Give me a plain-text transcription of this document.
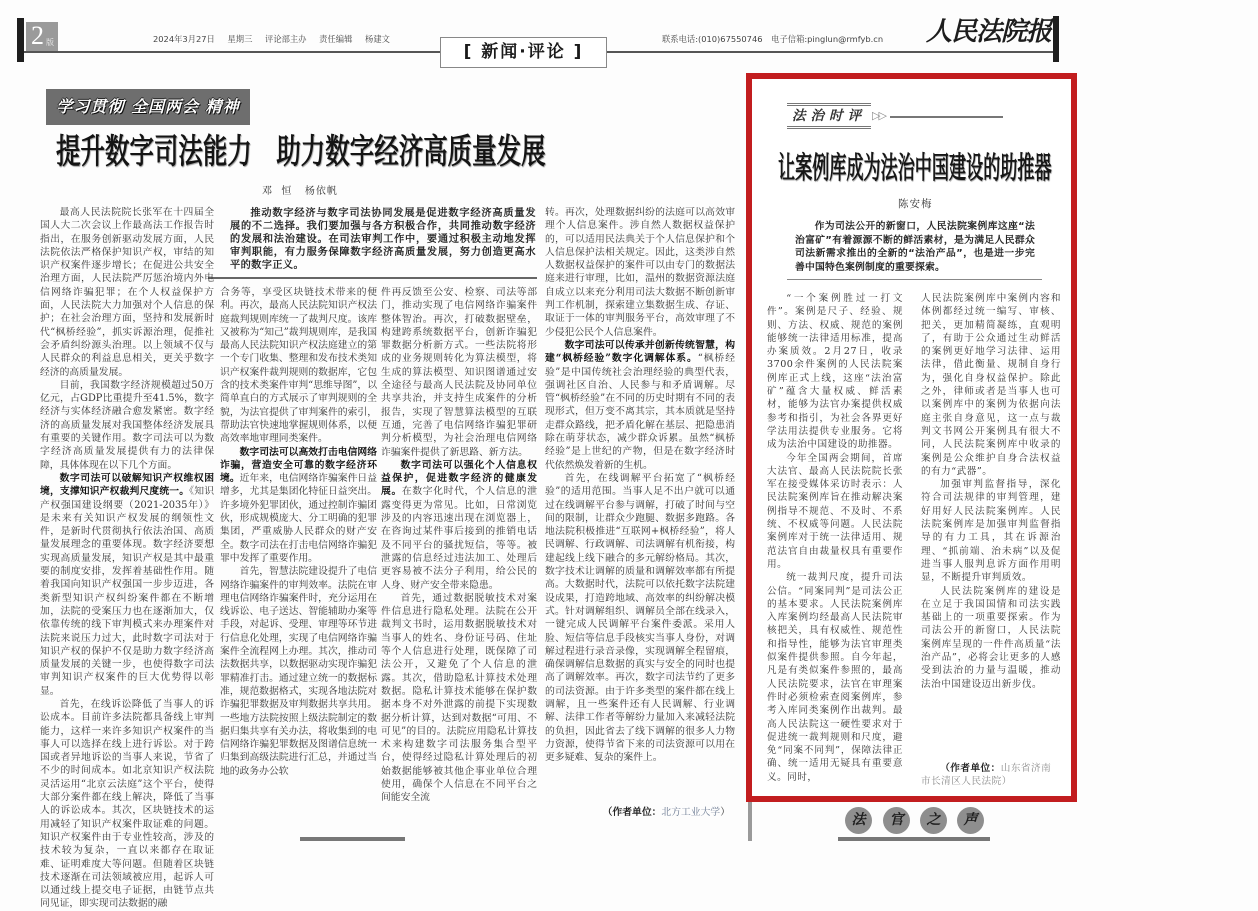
2 版	2024年3月27日 星期三 评论部主办 责任编辑 杨建文
[ 新闻·评论 ]
联系电话:(010)67550746 电子信箱:pinglun@rmfyb.cn 人民法院报
学习贯彻 全国两会 精神
提升数字司法能力　助力数字经济高质量发展
邓  恒   杨依帆
推动数字经济与数字司法协同发展是促进数字经济高质量发展的不二选择。我们要加强与各方积极合作，共同推动数字经济的发展和法治建设。在司法审判工作中，要通过积极主动地发挥审判职能，有力服务保障数字经济高质量发展，努力创造更高水平的数字正义。

最高人民法院院长张军在十四届全国人大二次会议上作最高法工作报告时指出，在服务创新驱动发展方面，人民法院依法严格保护知识产权，审结的知识产权案件逐步增长；在促进公共安全治理方面，人民法院严厉惩治境内外电信网络诈骗犯罪；在个人权益保护方面，人民法院大力加强对个人信息的保护；在社会治理方面，坚持和发展新时代“枫桥经验”，抓实诉源治理，促推社会矛盾纠纷源头治理。以上领域不仅与人民群众的利益息息相关，更关乎数字经济的高质量发展。

目前，我国数字经济规模超过50万亿元，占GDP比重提升至41.5%，数字经济与实体经济融合愈发紧密。数字经济的高质量发展对我国整体经济发展具有重要的关键作用。数字司法可以为数字经济高质量发展提供有力的法律保障，具体体现在以下几个方面。

数字司法可以破解知识产权维权困境，支撑知识产权裁判尺度统一。《知识产权强国建设纲要（2021-2035年）》是未来有关知识产权发展的纲领性文件，是新时代贯彻执行依法治国、高质量发展理念的重要体现。数字经济要想实现高质量发展，知识产权是其中最重要的制度安排，发挥着基础性作用。随着我国向知识产权强国一步步迈进，各类新型知识产权纠纷案件都在不断增加，法院的受案压力也在逐渐加大，仅依靠传统的线下审判模式来办理案件对法院来说压力过大，此时数字司法对于知识产权的保护不仅是助力数字经济高质量发展的关键一步，也使得数字司法审判知识产权案件的巨大优势得以彰显。

首先，在线诉讼降低了当事人的诉讼成本。目前许多法院都具备线上审判能力，这样一来许多知识产权案件的当事人可以选择在线上进行诉讼。对于跨国或者异地诉讼的当事人来说，节省了不少的时间成本。如北京知识产权法院灵活运用“北京云法庭”这个平台，使得大部分案件都在线上解决，降低了当事人的诉讼成本。其次，区块链技术的运用减轻了知识产权案件取证难的问题。知识产权案件由于专业性较高，涉及的技术较为复杂，一直以来都存在取证难、证明难度大等问题。但随着区块链技术逐渐在司法领域被应用，起诉人可以通过线上提交电子证据，由链节点共同见证，即实现司法数据的融

合务等，享受区块链技术带来的便利。再次，最高人民法院知识产权法庭裁判规则库统一了裁判尺度。该库又被称为“知己”裁判规则库，是我国最高人民法院知识产权法庭建立的第一个专门收集、整理和发布技术类知识产权案件裁判规则的数据库，它包含的技术类案件审判“思维导图”，以简单直白的方式展示了审判规则的全貌，为法官提供了审判案件的索引，帮助法官快速地掌握规则体系，以便高效率地审理同类案件。

数字司法可以高效打击电信网络诈骗，营造安全可靠的数字经济环境。近年来，电信网络诈骗案件日益增多，尤其是集团化特征日益突出。许多境外犯罪团伙，通过控制诈骗团伙，形成规模庞大、分工明确的犯罪集团，严重威胁人民群众的财产安全。数字司法在打击电信网络诈骗犯罪中发挥了重要作用。

首先，智慧法院建设提升了电信网络诈骗案件的审判效率。法院在审理电信网络诈骗案件时，充分运用在线诉讼、电子送达、智能辅助办案等手段，对起诉、受理、审理等环节进行信息化处理，实现了电信网络诈骗案件全流程网上办理。其次，推动司法数据共享，以数据驱动实现诈骗犯罪精准打击。通过建立统一的数据标准，规范数据格式，实现各地法院对诈骗犯罪数据及审判数据共享共用。一些地方法院按照上级法院制定的数据归集共享有关办法，将收集到的电信网络诈骗犯罪数据及图谱信息统一归集到高级法院进行汇总，并通过当地的政务办公软

件再反馈至公安、检察、司法等部门，推动实现了电信网络诈骗案件整体智治。再次，打破数据壁垒，构建跨系统数据平台，创新诈骗犯罪数据分析新方式。一些法院将形成的业务规则转化为算法模型，将生成的算法模型、知识图谱通过安全途径与最高人民法院及协同单位共享共治，并支持生成案件的分析报告，实现了智慧算法模型的互联互通，完善了电信网络诈骗犯罪研判分析模型，为社会治理电信网络诈骗案件提供了新思路、新方法。

数字司法可以强化个人信息权益保护，促进数字经济的健康发展。在数字化时代，个人信息的泄露变得更为常见。比如，日常浏览涉及的内容迅速出现在浏览器上，在咨询过某件事后接到的推销电话及不同平台的骚扰短信，等等。被泄露的信息经过违法加工、处理后更容易被不法分子利用，给公民的人身、财产安全带来隐患。

首先，通过数据脱敏技术对案件信息进行隐私处理。法院在公开裁判文书时，运用数据脱敏技术对当事人的姓名、身份证号码、住址等个人信息进行处理，既保障了司法公开，又避免了个人信息的泄露。其次，借助隐私计算技术处理数据。隐私计算技术能够在保护数据本身不对外泄露的前提下实现数据分析计算，达到对数据“可用、不可见”的目的。法院应用隐私计算技术来构建数字司法服务集合型平台，使得经过隐私计算处理后的初始数据能够被其他企事业单位合理使用，确保个人信息在不同平台之间能安全流

转。再次，处理数据纠纷的法庭可以高效审理个人信息案件。涉自然人数据权益保护的，可以适用民法典关于个人信息保护和个人信息保护法相关规定。因此，这类涉自然人数据权益保护的案件可以由专门的数据法庭来进行审理，比如，温州的数据资源法庭自成立以来充分利用司法大数据不断创新审判工作机制，探索建立集数据生成、存证、取证于一体的审判服务平台，高效审理了不少侵犯公民个人信息案件。

数字司法可以传承并创新传统智慧，构建“枫桥经验”数字化调解体系。“枫桥经验”是中国传统社会治理经验的典型代表，强调社区自治、人民参与和矛盾调解。尽管“枫桥经验”在不同的历史时期有不同的表现形式，但万变不离其宗，其本质就是坚持走群众路线，把矛盾化解在基层、把隐患消除在萌芽状态，减少群众诉累。虽然“枫桥经验”是上世纪的产物，但是在数字经济时代依然焕发着新的生机。

首先，在线调解平台拓宽了“枫桥经验”的适用范围。当事人足不出户就可以通过在线调解平台参与调解，打破了时间与空间的限制，让群众少跑腿、数据多跑路。各地法院积极推进“互联网+枫桥经验”，将人民调解、行政调解、司法调解有机衔接，构建起线上线下融合的多元解纷格局。其次，数字技术让调解的质量和调解效率都有所提高。大数据时代，法院可以依托数字法院建设成果，打造跨地域、高效率的纠纷解决模式。针对调解组织、调解员全部在线录入，一键完成人民调解平台案件委派。采用人脸、短信等信息手段核实当事人身份，对调解过程进行录音录像，实现调解全程留痕，确保调解信息数据的真实与安全的同时也提高了调解效率。再次，数字司法节约了更多的司法资源。由于许多类型的案件都在线上调解，且一些案件还有人民调解、行业调解、法律工作者等解纷力量加入来减轻法院的负担，因此省去了线下调解的很多人力物力资源，使得节省下来的司法资源可以用在更多疑难、复杂的案件上。

（作者单位：北方工业大学）
法治时评 ▷▷
让案例库成为法治中国建设的助推器
陈安梅
作为司法公开的新窗口，人民法院案例库这座“法治富矿”有着源源不断的鲜活素材，是为满足人民群众司法新需求推出的全新的“法治产品”，也是进一步完善中国特色案例制度的重要探索。

“一个案例胜过一打文件”。案例是尺子、经验、规则、方法、权威、规范的案例能够统一法律适用标准，提高办案质效。2月27日，收录3700余件案例的人民法院案例库正式上线，这座“法治富矿”蕴含大量权威、鲜活素材，能够为法官办案提供权威参考和指引，为社会各界更好学法用法提供专业服务。它将成为法治中国建设的助推器。

今年全国两会期间，首席大法官、最高人民法院院长张军在接受媒体采访时表示：人民法院案例库旨在推动解决案例指导不规范、不及时、不系统、不权威等问题。人民法院案例库对于统一法律适用、规范法官自由裁量权具有重要作用。

统一裁判尺度，提升司法公信。“同案同判”是司法公正的基本要求。人民法院案例库入库案例均经最高人民法院审核把关，具有权威性、规范性和指导性，能够为法官审理类似案件提供参照。自今年起，凡是有类似案件参照的，最高人民法院要求，法官在审理案件时必须检索查阅案例库，参考入库同类案例作出裁判。最高人民法院这一硬性要求对于促进统一裁判规则和尺度，避免“同案不同判”，保障法律正确、统一适用无疑具有重要意义。同时，

人民法院案例库中案例内容和体例都经过统一编写、审核、把关，更加精简凝练，直观明了，有助于公众通过生动鲜活的案例更好地学习法律、运用法律，借此衡量、规制自身行为，强化自身权益保护。除此之外，律师或者是当事人也可以案例库中的案例为依据向法庭主张自身意见，这一点与裁判文书网公开案例具有很大不同，人民法院案例库中收录的案例是公众维护自身合法权益的有力“武器”。

加强审判监督指导，深化符合司法规律的审判管理，建好用好人民法院案例库。人民法院案例库是加强审判监督指导的有力工具，其在诉源治理、“抓前端、治未病”以及促进当事人服判息诉方面作用明显，不断提升审判质效。

人民法院案例库的建设是在立足于我国国情和司法实践基础上的一项重要探索。作为司法公开的新窗口，人民法院案例库呈现的一件件高质量“法治产品”，必将会让更多的人感受到法治的力量与温暖，推动法治中国建设迈出新步伐。

（作者单位：山东省济南市长清区人民法院）
法	官	之	声
